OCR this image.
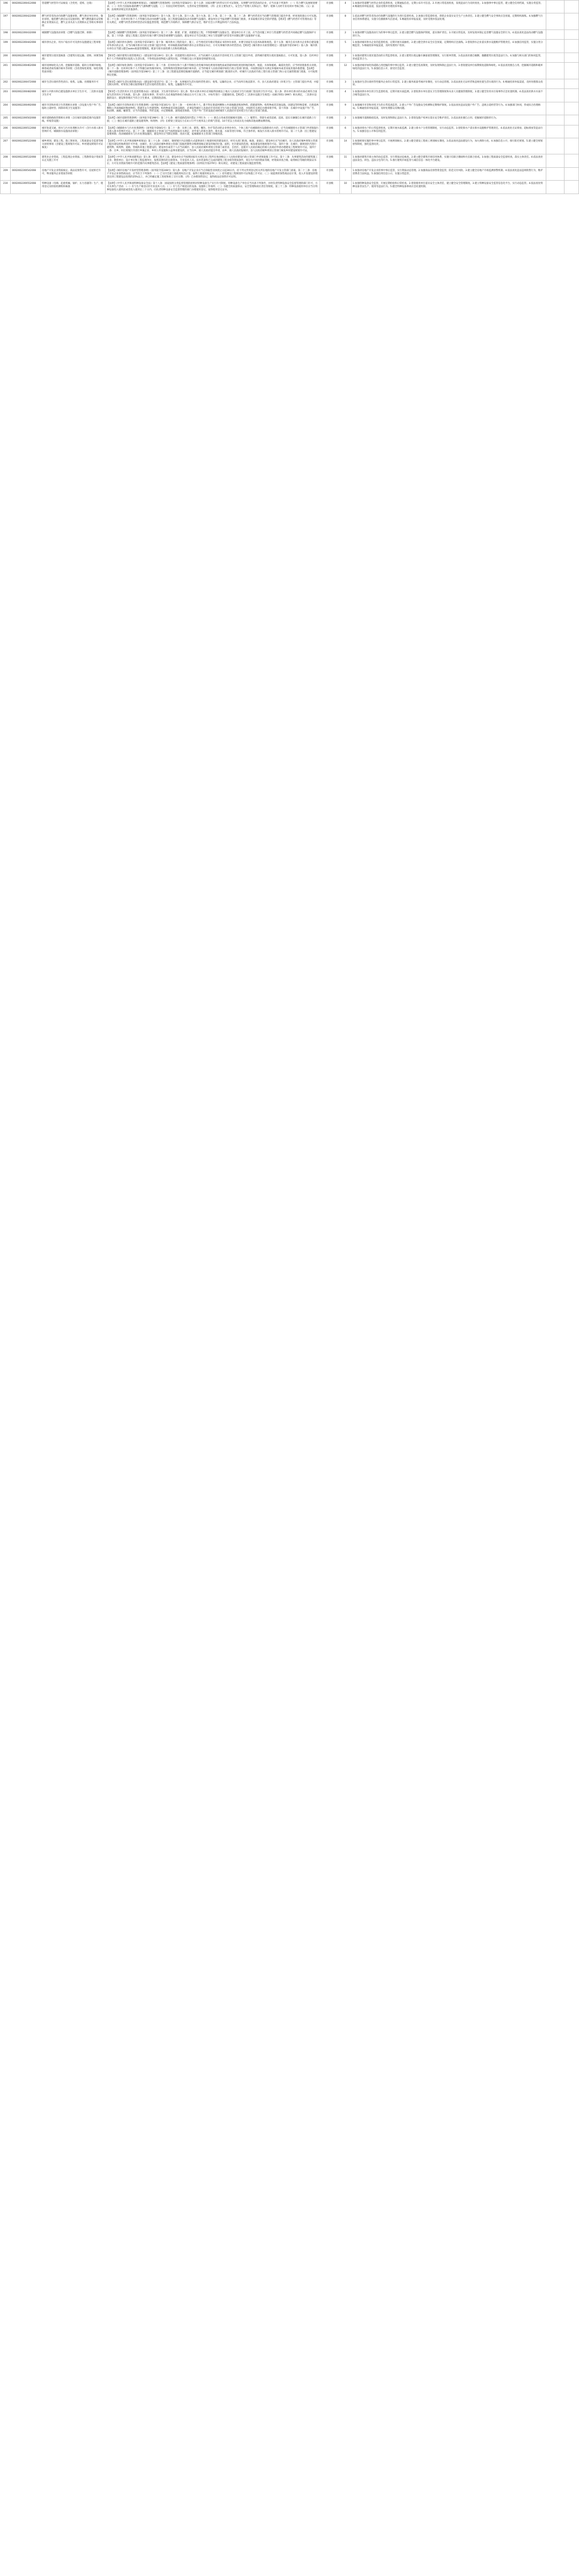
196	0002002200412008	管道燃气经营许可证核发（含变更、延续、注销）	【法律】《中华人民共和国城乡规划法》、《城镇燃气管理条例》（国务院令第583号）第十五条：国家对燃气经营实行许可证制度。从事燃气经营活动的企业，应当具备下列条件：（一）符合燃气发展规划要求；（二）有符合国家标准的燃气气源和燃气设施；（三）有固定的经营场所、完善的安全管理制度；（四）企业主要负责人、安全生产管理人员和运行、维护、抢修人员经专业培训并考核合格；（五）法律、法规规章规定的其他条件。	市县级	4	1.加强对管道燃气经营企业的监督检查，定期通报信息，定期公布许可信息。2.开展日常巡查检查，发现违法行为及时查处。3.加强事中事后监管，建立健全信用档案，实施分类监管。4.畅通投诉举报渠道，依法受理并处理投诉举报。		
197	0002002200422008	燃气经营者改动市政燃气设施审批、燃气供应单位停业、歇业审批、瓶装燃气供应站点设置审批、燃气燃烧器具安装维修企业资质认定、燃气企业从业人员资格认定等相关事项审批	【法规】《城镇燃气管理条例》（国务院令第583号）第十六条、第十七条、第十八条、第十九条、第二十条、第二十一条、第二十二条：燃气经营者应当向燃气管理部门提出申请，经审查批准后方可实施。第二十七条：任何单位和个人不得擅自改动市政燃气设施。因工程建设确需改动市政燃气设施的，建设单位应当报请燃气管理部门批准，并采取相应的安全防护措施。【规章】《燃气经营许可管理办法》等有关规定，对燃气经营者的经营活动实施监督管理，规范燃气市场秩序，保障燃气供应安全，维护社会公共利益和用户合法权益。	市县级	8	1.依法对燃气经营者改动市政燃气设施的行为进行监督检查。2.加强日常监督检查，督促企业落实安全生产主体责任。3.建立健全燃气安全事故应急预案，定期组织演练。4.加强燃气行业信用体系建设，实施守信激励和失信惩戒。5.畅通投诉举报渠道，及时受理并依法处理。		
198	0002002200432008	城镇燃气设施改动审批（含燃气设施迁移、拆除）	【法规】《城镇燃气管理条例》（国务院令第583号）第三十三条：新建、扩建、改建建设工程，不得影响燃气设施安全。建设单位在开工前，应当会同施工单位与管道燃气经营者共同确定燃气设施保护方案。第三十四条：建设工程施工范围内有地下燃气管线等重要燃气设施的，建设单位应当会同施工单位与管道燃气经营者共同制定燃气设施保护方案。	市县级	2	1.加强对燃气设施改动行为的事中事后监管。2.建立健全燃气设施保护制度，落实保护责任。3.开展日常巡查，及时发现并制止危害燃气设施安全的行为。4.依法查处违法改动燃气设施的行为。		
199	0002002200442008	城市供水企业、用水户取水许可及供水设施建设工程审批	【法规】《城市供水条例》（国务院令第158号）第十条：城市供水工程的设计、施工，应当委托持有相应资质证书的单位承担，并遵守国家有关技术标准和规范。第十五条：城市自来水供水企业和自建设施对外供水的企业，应当向城市供水行政主管部门提出申请，经审核批准取得城市供水企业资质证书后，方可从事城市供水经营活动。【规章】《城市供水水质管理规定》（建设部令第156号）第八条：城市供水单位应当建立健全water质量管理制度，配备专职水质检测人员和检测设备。	市县级	5	1.加强对城市供水企业的监督检查，定期开展水质抽检。2.建立健全供水安全应急预案，定期组织应急演练。3.督促供水企业落实供水设施维护管理责任。4.加强信用监管，实施分类分级监管。5.畅通投诉举报渠道，及时处理用户投诉。		
200	0002002200452008	城市建筑垃圾处置核准（含建筑垃圾运输、消纳、回填等核准）	【规章】《城市建筑垃圾管理规定》（建设部令第139号）第七条：处置建筑垃圾的单位，应当向城市人民政府市容环境卫生主管部门提出申请，获得城市建筑垃圾处置核准后，方可处置。第八条：任何单位和个人不得将建筑垃圾混入生活垃圾，不得将危险废物混入建筑垃圾，不得擅自设立弃置场受纳建筑垃圾。	市县级	3	1.加强对建筑垃圾处置活动的日常监督检查。2.建立建筑垃圾运输车辆备案管理制度，实行联单管理。3.依法查处擅自倾倒、抛撒建筑垃圾等违法行为。4.加强与相关部门的协同监管，形成监管合力。		
201	0002002200462008	城市园林绿化及占用、挖掘城市道路、临时占用城市绿地、修剪或者砍伐城市树木等审批（含改变绿化规划、绿化用地性质审批）	【法规】《城市绿化条例》（国务院令第100号）第二十条：任何单位和个人都不得擅自改变城市绿化规划用地性质或者破坏绿化规划用地的地形、地貌、水体和植被。确需改变的，应当经原批准机关审批。第二十一条：任何单位和个人不得擅自砍伐城市树木。因特殊情况需要砍伐城市树木的，应当经城市人民政府城市绿化行政主管部门批准，并按照国家有关规定补植树木或者采取其他补救措施。【法规】《城市道路管理条例》（国务院令第198号）第三十三条：因工程建设需要挖掘城市道路的，应当提交城市规划部门批准的文件，经城市人民政府市政工程行政主管部门和公安交通管理部门批准，方可按照规定挖掘。	市县级	12	1.加强对城市绿化和道路占用挖掘的事中事后监管。2.建立健全巡查制度，及时发现和制止违法行为。3.督促建设单位按期恢复道路和绿化。4.依法查处擅自占用、挖掘城市道路和破坏绿化的违法行为。5.加强信息公开，接受社会监督。		
202	0002002200472008	城市生活垃圾经营性清扫、收集、运输、处理服务许可	【规章】《城市生活垃圾管理办法》（建设部令第157号）第二十一条：从事城市生活垃圾经营性清扫、收集、运输的企业，应当向所在地直辖市、市、县人民政府建设（环境卫生）主管部门提出申请，并提交相关材料，经审查合格后取得城市生活垃圾经营性清扫、收集、运输服务许可证。	市县级	3	1.加强对生活垃圾经营性服务企业的日常监管。2.建立服务质量考核评价制度，实行动态管理。3.依法查处无证经营和违规处置生活垃圾的行为。4.畅通投诉举报渠道，及时处理群众投诉。		
203	0002002200482008	城市公共供水和自建设施供水单位卫生许可、二次供水设施卫生许可	【规章】《生活饮用水卫生监督管理办法》（建设部、卫生部令第53号）第七条：集中式供水单位必须取得县级以上地方人民政府卫生行政部门签发的卫生许可证。第八条：供水单位供水的水质必须符合国家生活饮用水卫生标准。第九条：直接从事供、管水的人员必须取得体检合格证后方可上岗工作，并每年进行一次健康检查。【规章】《二次供水设施卫生规范》（GB17051-1997）相关规定，二次供水设施的设计、建设和管理应当符合卫生要求，定期清洗消毒。	市县级	4	1.加强对供水单位的卫生监督检查，定期开展水质监测。2.督促供水单位落实卫生管理制度和从业人员健康管理制度。3.建立健全饮用水污染事件应急处置机制。4.依法查处供水水质不合格等违法行为。		
204	0002002200492008	城市市容和环境卫生管理相关审批（含设置大型户外广告、临时占道经营、拆除环境卫生设施等）	【法规】《城市市容和环境卫生管理条例》（国务院令第101号）第十三条：一切单位和个人，都不得在街道两侧和公共场地随意堆放物料、搭建建筑物、构筑物或者其他设施。因建设等特殊需要，在街道两侧和公共场地临时堆放物料、搭建非永久性建筑物、构筑物或者其他设施的，必须征得城市人民政府市容环境卫生行政主管部门同意，并按照有关规定办理审批手续。第十四条：在城市中设置户外广告、标语牌、画廊、橱窗等，应当内容健康、外形美观，并定期维修、油饰或者拆除。大型户外广告的设置必须经城市人民政府市容环境卫生行政主管部门批准。	市县级	9	1.加强城市市容和环境卫生的日常巡查监管。2.建立户外广告设施安全检测和定期维护制度。3.依法查处违法设置户外广告、违规占道经营等行为。4.加强部门协同，形成综合治理格局。5.畅通投诉举报渠道，及时处理群众反映问题。		
205	0002002200502008	城市道路路政管理相关审批（含在城市道路范围内设置管线、杆线等设施）	【法规】《城市道路管理条例》（国务院令第198号）第二十七条：城市道路范围内禁止下列行为：（一）擅自占用或者挖掘城市道路；（二）履带车、铁轮车或者超重、超高、超长车辆擅自在城市道路上行驶；（三）擅自在城市道路上建设建筑物、构筑物；（四）在桥梁上架设压力在4公斤/平方厘米以上的煤气管道、10千伏以上的高压电力线和其他易燃易爆管线。	市县级	2	1.加强城市道路路政巡查，及时发现和制止违法行为。2.督促设施产权单位落实安全维护责任。3.依法查处擅自占用、挖掘城市道路的行为。		
206	0002002200512008	城市轨道交通、排水与污水处理相关许可（含污水排入排水管网许可、城镇排水设施改动审批）	【法规】《城镇排水与污水处理条例》（国务院令第641号）第二十一条：从事工业、建筑、餐饮、医疗等活动的企业事业单位、个体工商户向城镇排水设施排放污水的，应当向城镇排水主管部门申请领取污水排入排水管网许可证。第二十二条：城镇排水主管部门应当按照国家有关规定，对申请人的排水条件、排水量、水质等进行审核，符合条件的，核发污水排入排水管网许可证。第二十九条：因工程建设需要拆除、改动城镇排水与污水处理设施的，建设单位应当制定拆除、改动方案，报城镇排水主管部门审核同意。	市县级	6	1.加强对排水户的日常监督检查，定期开展水质监测。2.建立排水户分类管理制度，实行动态监管。3.督促排水户落实排水设施维护管理责任。4.依法查处无证排放、超标排放等违法行为。5.加强信息公开和信用监管。		
207	0002002200522008	城乡规划、建设工程、施工图审查、工程质量安全监督等相关审批事项（含建设工程规划许可证、乡村建设规划许可证核发）	【法律】《中华人民共和国城乡规划法》第三十七条：在城市、镇规划区内以划拨方式提供国有土地使用权的建设项目，经有关部门批准、核准、备案后，建设单位应当向城市、县人民政府城乡规划主管部门提出建设用地规划许可申请，由城市、县人民政府城乡规划主管部门依据控制性详细规划核定建设用地的位置、面积、允许建设的范围，核发建设用地规划许可证。第四十条：在城市、镇规划区内进行建筑物、构筑物、道路、管线和其他工程建设的，建设单位或者个人应当向城市、县人民政府城乡规划主管部门或者省、自治区、直辖市人民政府确定的镇人民政府申请办理建设工程规划许可证。第四十一条：在乡、村庄规划区内进行乡镇企业、乡村公共设施和公益事业建设的，应当向乡、镇人民政府提出申请，由乡、镇人民政府报城市、县人民政府城乡规划主管部门核发乡村建设规划许可证。	市县级	14	1.加强规划实施的事中事后监管，开展规划核实。2.建立健全建设工程竣工规划核实制度。3.依法查处违法建设行为，加大拆除力度。4.加强信息公开，推行阳光规划。5.建立健全规划督察制度，强化监督问责。		
208	0002002200532008	建筑业企业资质、工程监理企业资质、工程勘察设计资质等认定及施工许可	【法律】《中华人民共和国建筑法》第七条：建筑工程开工前，建设单位应当按照国家有关规定向工程所在地县级以上人民政府建设行政主管部门申请领取施工许可证。第十三条：从事建筑活动的建筑施工企业、勘察单位、设计单位和工程监理单位，按照其拥有的注册资本、专业技术人员、技术装备和已完成的建筑工程业绩等资质条件，划分为不同的资质等级，经资质审查合格，取得相应等级的资质证书后，方可在其资质等级许可的范围内从事建筑活动。【法规】《建设工程质量管理条例》（国务院令第279号）相关规定，对建设工程质量实施监督管理。	市县级	11	1.加强对建筑市场主体的动态监管，实行资质动态核查。2.建立健全建筑市场信用体系，实施守信联合激励和失信联合惩戒。3.加强工程质量安全监督检查，落实主体责任。4.依法查处违法发包、转包、违法分包等行为。5.推行建筑市场监管与诚信信息一体化平台建设。		
209	0002002200542008	房地产开发企业资质核定、商品房预售许可、房屋拆迁许可、物业服务企业资质等审批	【法规】《城市房地产开发经营管理条例》（国务院令第248号）第九条：房地产开发企业应当自领取营业执照之日起30日内，持下列文件到登记机关所在地的房地产开发主管部门备案。第二十三条：房地产开发企业预售商品房，应当符合下列条件：（一）已交付全部土地使用权出让金，取得土地使用权证书；（二）持有建设工程规划许可证和施工许可证；（三）按提供的预售商品房计算，投入开发建设的资金达到工程建设总投资的25%以上，并已经确定施工进度和竣工交付日期；（四）已办理预售登记，取得商品房预售许可证明。	市县级	7	1.加强对房地产开发企业的事中事后监管，实行资质动态管理。2.加强商品房预售资金监管，防范交付风险。3.建立健全房地产市场监测预警机制。4.依法查处违法违规销售行为，维护消费者合法权益。5.加强信用信息公示，实施分类监管。		
210	0002002200552008	特种设备（电梯、起重机械、锅炉、压力容器等）生产、使用登记及检验检测机构核准	【法律】《中华人民共和国特种设备安全法》第十八条：国家按照分类监督管理的原则对特种设备生产实行许可制度。特种设备生产单位应当具备下列条件，并经负责特种设备安全监督管理的部门许可，方可从事生产活动：（一）有与生产相适应的专业技术人员；（二）有与生产相适应的设备、设施和工作场所；（三）有健全的质量保证、安全管理和岗位责任等制度。第三十三条：特种设备使用单位应当在特种设备投入使用前或者投入使用后三十日内，向负责特种设备安全监督管理的部门办理使用登记，取得使用登记证书。	市县级	10	1.加强特种设备安全监察，开展定期检验和日常检查。2.督促使用单位落实安全主体责任，建立健全安全管理制度。3.建立特种设备安全监管信息化平台，实行动态监管。4.依法查处特种设备非法生产、使用等违法行为。5.健全特种设备事故应急处置机制。		
